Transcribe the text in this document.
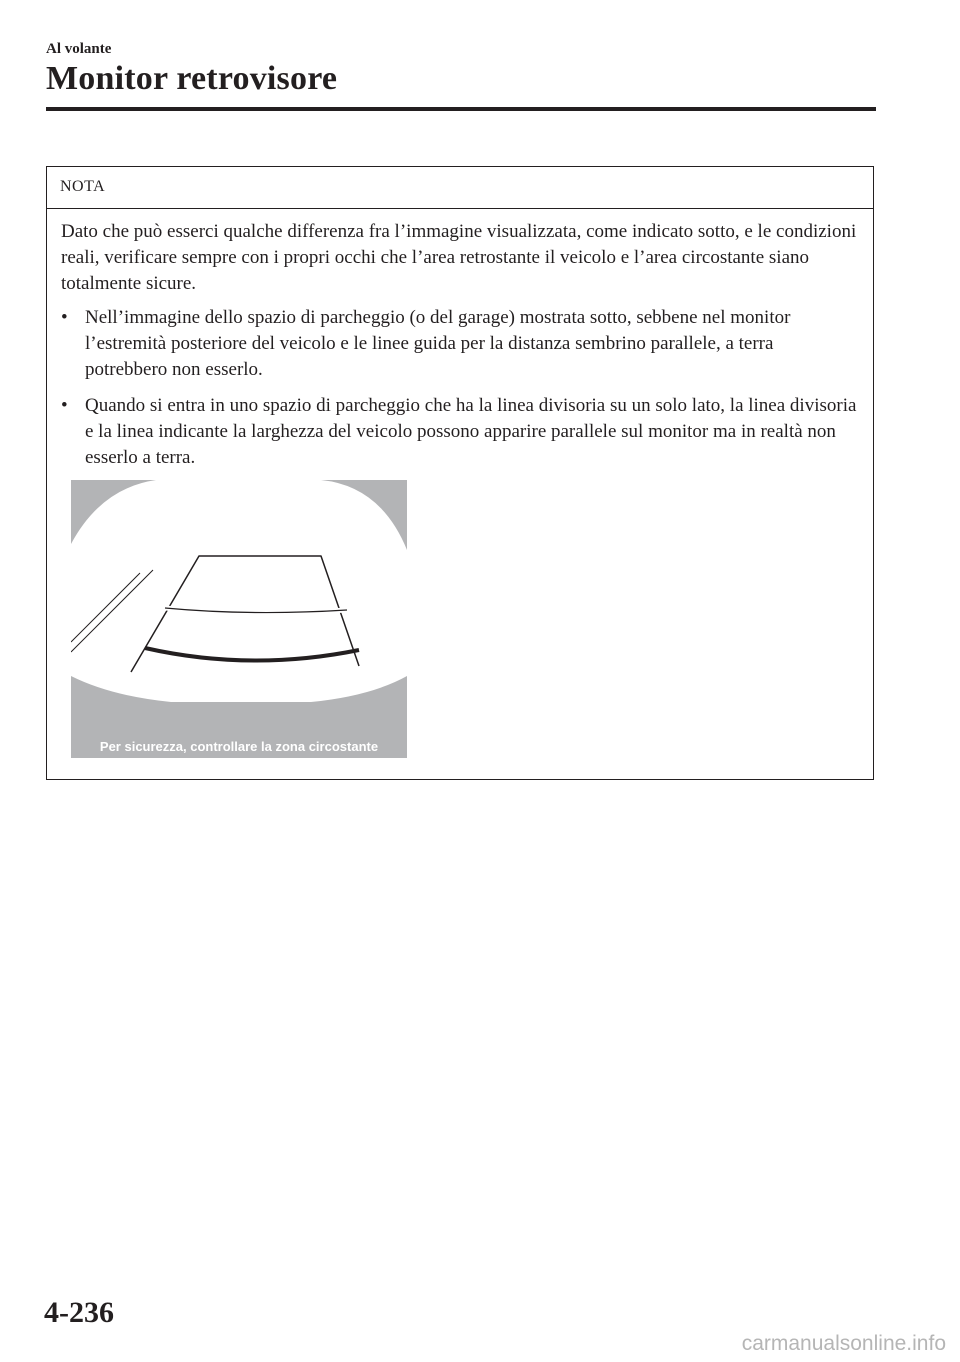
Al volante
Monitor retrovisore
NOTA

Dato che può esserci qualche differenza fra l’immagine visualizzata, come indicato sotto, e le condizioni reali, verificare sempre con i propri occhi che l’area retrostante il veicolo e l’area circostante siano totalmente sicure.

• Nell’immagine dello spazio di parcheggio (o del garage) mostrata sotto, sebbene nel monitor l’estremità posteriore del veicolo e le linee guida per la distanza sembrino parallele, a terra potrebbero non esserlo.
• Quando si entra in uno spazio di parcheggio che ha la linea divisoria su un solo lato, la linea divisoria e la linea indicante la larghezza del veicolo possono apparire parallele sul monitor ma in realtà non esserlo a terra.
Per sicurezza, controllare la zona circostante
4-236
carmanualsonline.info
